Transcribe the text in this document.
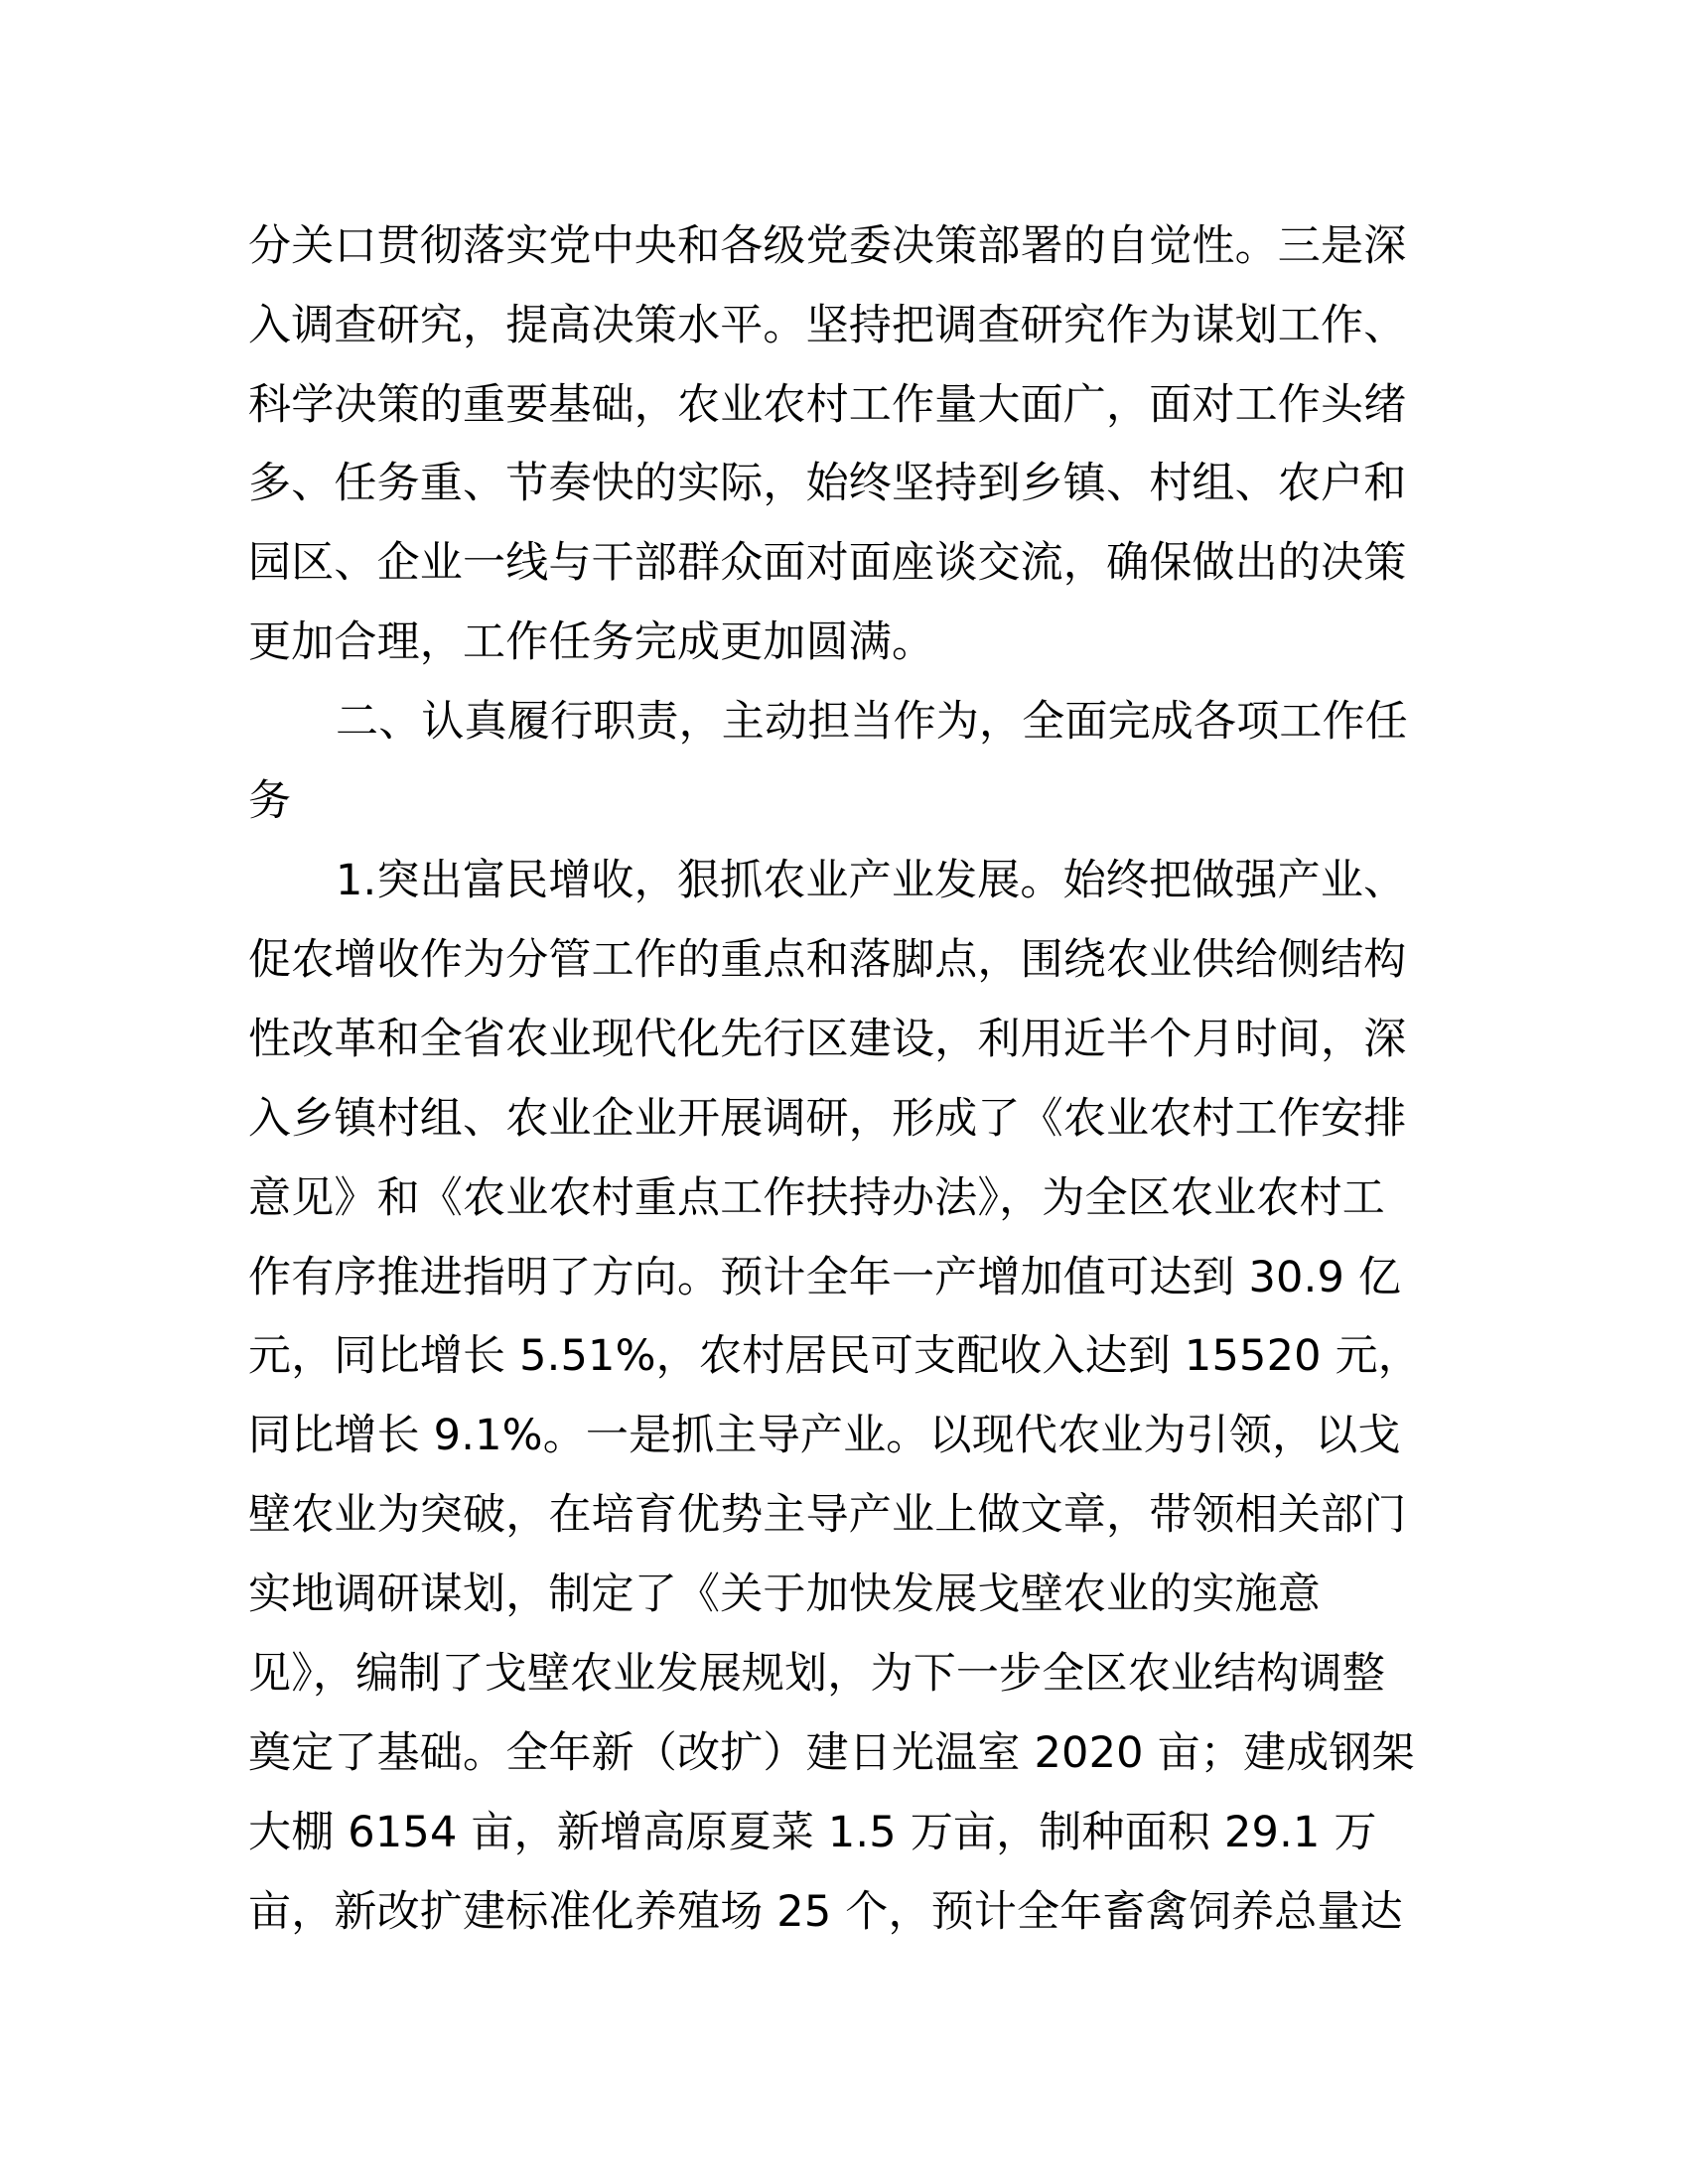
分关口贯彻落实党中央和各级党委决策部署的自觉性。三是深
入调查研究，提高决策水平。坚持把调查研究作为谋划工作、
科学决策的重要基础，农业农村工作量大面广，面对工作头绪
多、任务重、节奏快的实际，始终坚持到乡镇、村组、农户和
园区、企业一线与干部群众面对面座谈交流，确保做出的决策
更加合理，工作任务完成更加圆满。
二、认真履行职责，主动担当作为，全面完成各项工作任
务
1.突出富民增收，狠抓农业产业发展。始终把做强产业、
促农增收作为分管工作的重点和落脚点，围绕农业供给侧结构
性改革和全省农业现代化先行区建设，利用近半个月时间，深
入乡镇村组、农业企业开展调研，形成了《农业农村工作安排
意见》和《农业农村重点工作扶持办法》，为全区农业农村工
作有序推进指明了方向。预计全年一产增加值可达到 30.9 亿
元，同比增长 5.51%，农村居民可支配收入达到 15520 元，
同比增长 9.1%。一是抓主导产业。以现代农业为引领，以戈
壁农业为突破，在培育优势主导产业上做文章，带领相关部门
实地调研谋划，制定了《关于加快发展戈壁农业的实施意
见》，编制了戈壁农业发展规划，为下一步全区农业结构调整
奠定了基础。全年新（改扩）建日光温室 2020 亩；建成钢架
大棚 6154 亩，新增高原夏菜 1.5 万亩，制种面积 29.1 万
亩，新改扩建标准化养殖场 25 个，预计全年畜禽饲养总量达
